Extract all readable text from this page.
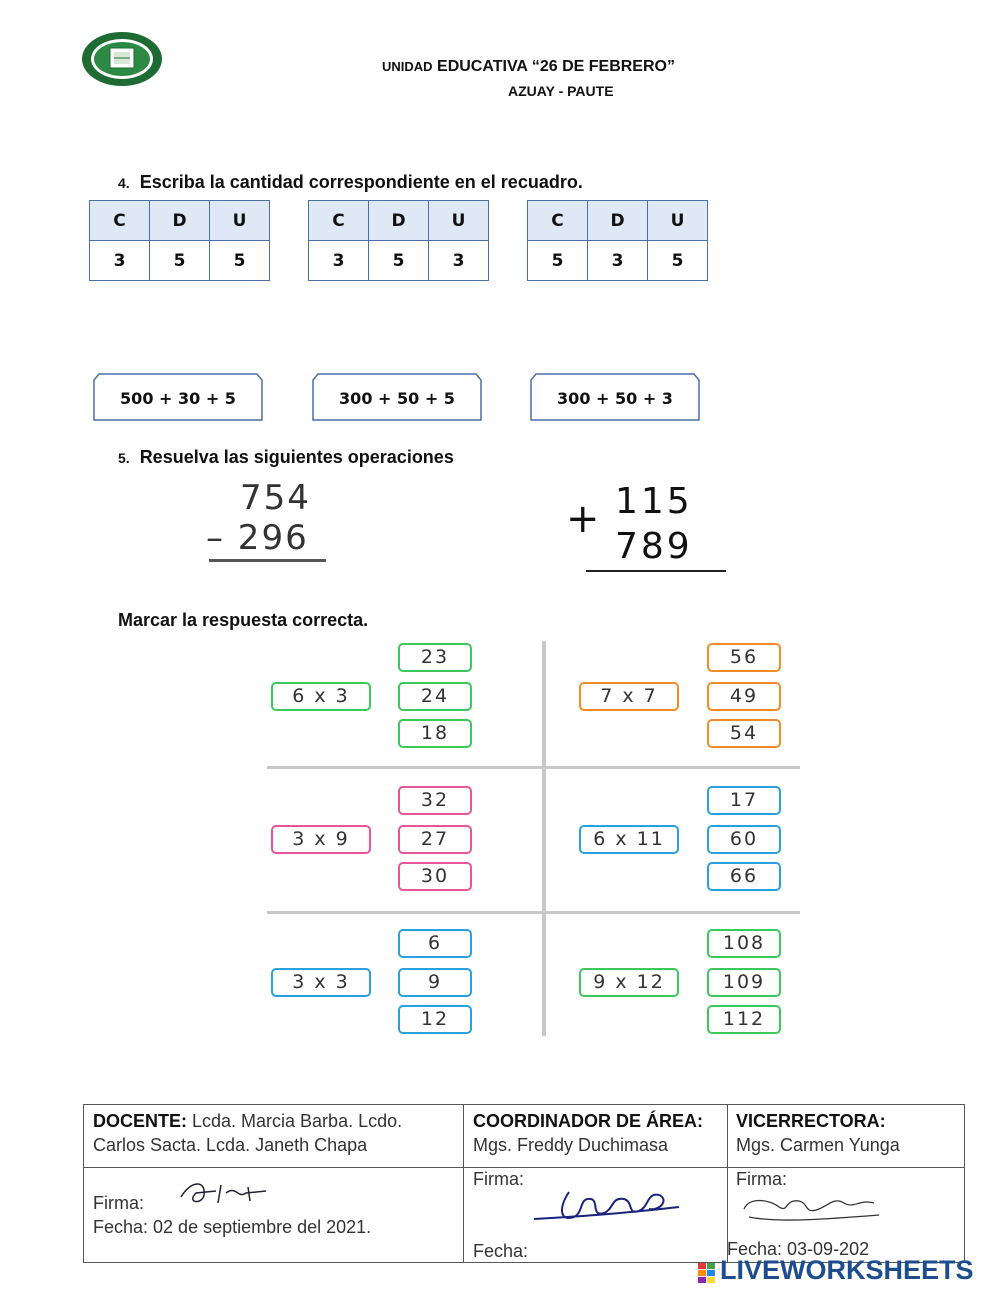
UNIDAD EDUCATIVA “26 DE FEBRERO”
AZUAY - PAUTE
4. Escriba la cantidad correspondiente en el recuadro.
C	D	U
3	5	5
C	D	U
3	5	3
C	D	U
5	3	5
500 + 30 + 5	300 + 50 + 5	300 + 50 + 3
5. Resuelva las siguientes operaciones
754
– 296	+ 115
789
Marcar la respuesta correcta.
6 x 3
23
24
18
7 x 7
56
49
54
3 x 9
32
27
30
6 x 11
17
60
66
3 x 3
6
9
12
9 x 12
108
109
112
DOCENTE: Lcda. Marcia Barba. Lcdo.
Carlos Sacta. Lcda. Janeth Chapa
COORDINADOR DE ÁREA:
Mgs. Freddy Duchimasa
VICERRECTORA:
Mgs. Carmen Yunga
Firma:
Fecha: 02 de septiembre del 2021.
Firma:
Fecha:
Firma:
Fecha: 03-09-202
LIVEWORKSHEETS
